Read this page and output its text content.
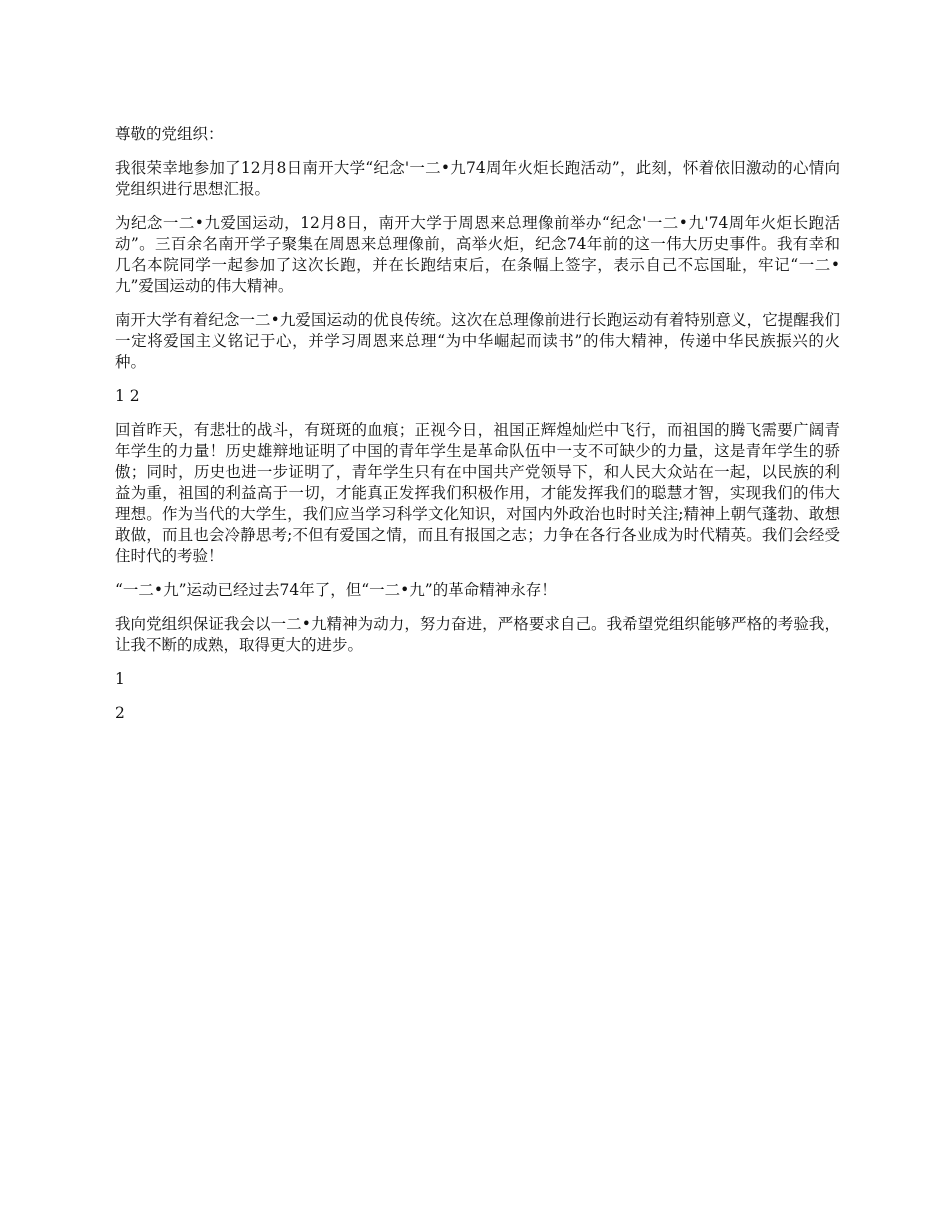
尊敬的党组织：

我很荣幸地参加了12月8日南开大学“纪念'一二•九74周年火炬长跑活动”，此刻，怀着依旧激动的心情向党组织进行思想汇报。

为纪念一二•九爱国运动，12月8日，南开大学于周恩来总理像前举办“纪念'一二•九'74周年火炬长跑活动”。三百余名南开学子聚集在周恩来总理像前，高举火炬，纪念74年前的这一伟大历史事件。我有幸和几名本院同学一起参加了这次长跑，并在长跑结束后，在条幅上签字，表示自己不忘国耻，牢记“一二•九”爱国运动的伟大精神。

南开大学有着纪念一二•九爱国运动的优良传统。这次在总理像前进行长跑运动有着特别意义，它提醒我们一定将爱国主义铭记于心，并学习周恩来总理“为中华崛起而读书”的伟大精神，传递中华民族振兴的火种。

1 2

回首昨天，有悲壮的战斗，有斑斑的血痕；正视今日，祖国正辉煌灿烂中飞行，而祖国的腾飞需要广阔青年学生的力量！历史雄辩地证明了中国的青年学生是革命队伍中一支不可缺少的力量，这是青年学生的骄傲；同时，历史也进一步证明了，青年学生只有在中国共产党领导下，和人民大众站在一起，以民族的利益为重，祖国的利益高于一切，才能真正发挥我们积极作用，才能发挥我们的聪慧才智，实现我们的伟大理想。作为当代的大学生，我们应当学习科学文化知识，对国内外政治也时时关注;精神上朝气蓬勃、敢想敢做，而且也会冷静思考;不但有爱国之情，而且有报国之志；力争在各行各业成为时代精英。我们会经受住时代的考验！

“一二•九”运动已经过去74年了，但“一二•九”的革命精神永存！

我向党组织保证我会以一二•九精神为动力，努力奋进，严格要求自己。我希望党组织能够严格的考验我，让我不断的成熟，取得更大的进步。

1

2
